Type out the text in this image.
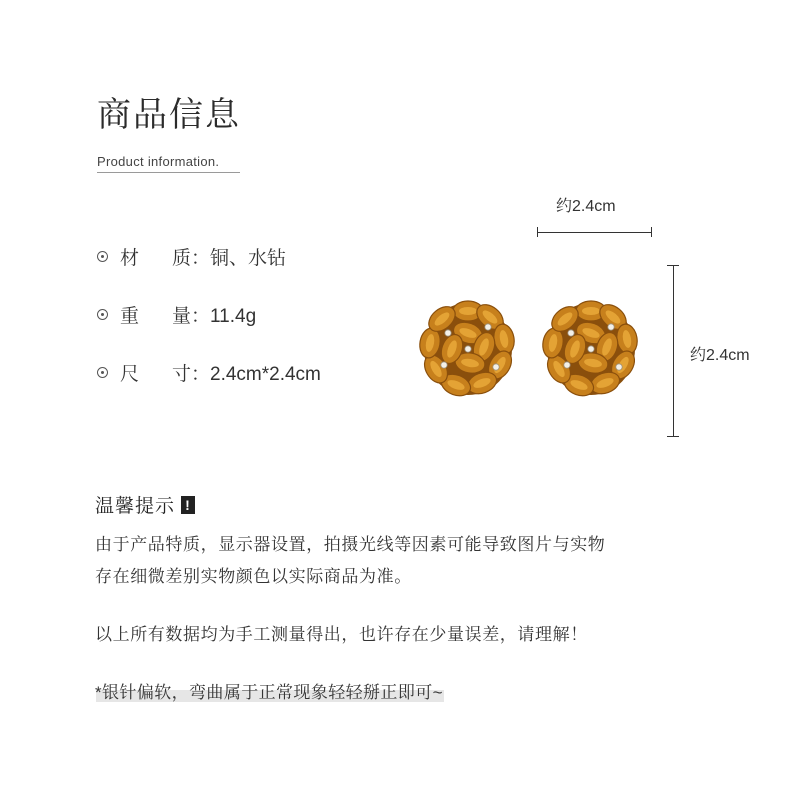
商品信息
Product information.
材 质：铜、水钻
重 量：11.4g
尺 寸：2.4cm*2.4cm
约2.4cm
约2.4cm
温馨提示 !
由于产品特质，显示器设置，拍摄光线等因素可能导致图片与实物
存在细微差别实物颜色以实际商品为准。
以上所有数据均为手工测量得出，也许存在少量误差，请理解！
*银针偏软，弯曲属于正常现象轻轻掰正即可~
